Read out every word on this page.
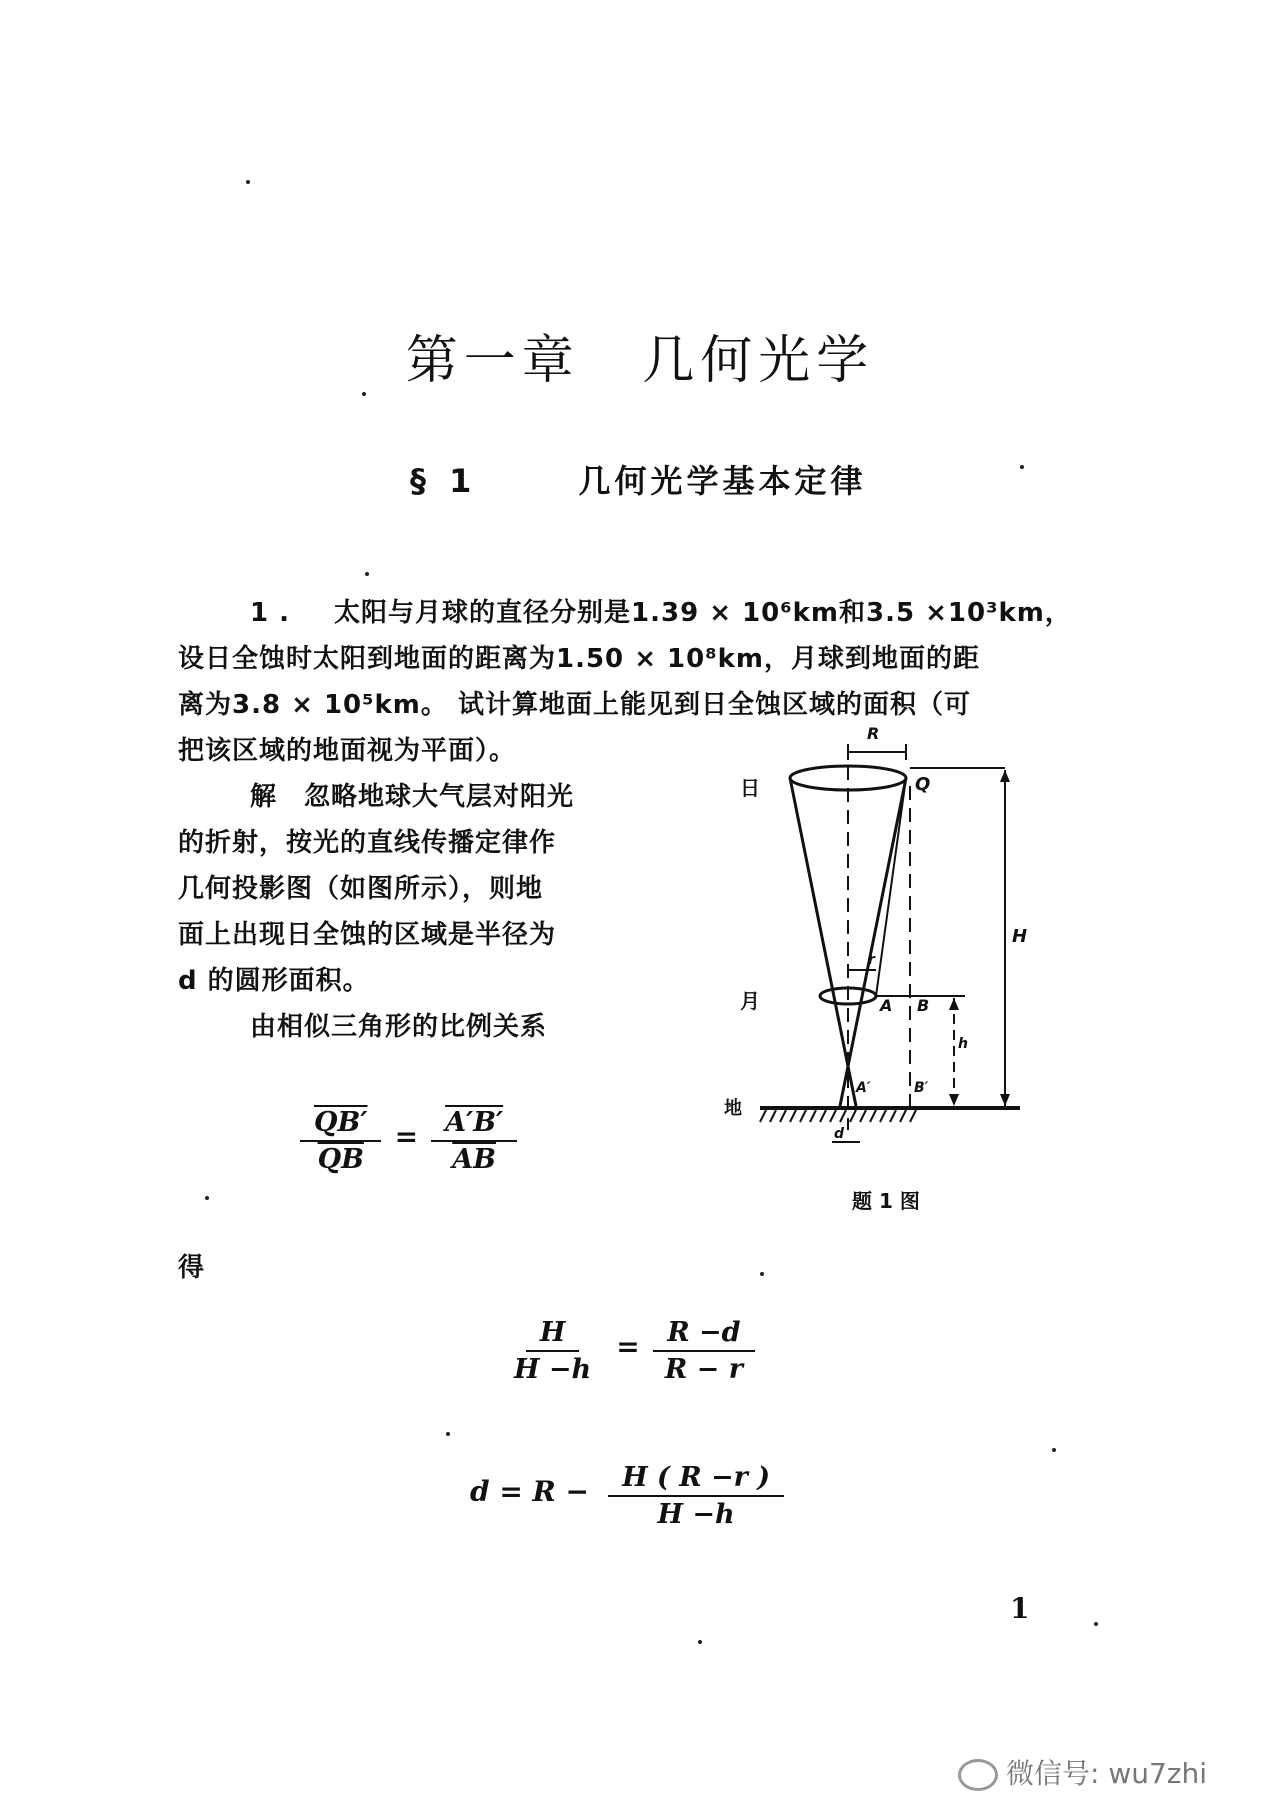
第一章 几何光学
§ 1	几何光学基本定律
1 . 太阳与月球的直径分别是1.39 × 10⁶km和3.5 ×10³km，
设日全蚀时太阳到地面的距离为1.50 × 10⁸km，月球到地面的距
离为3.8 × 10⁵km。 试计算地面上能见到日全蚀区域的面积（可
把该区域的地面视为平面）。
解　忽略地球大气层对阳光
的折射，按光的直线传播定律作
几何投影图（如图所示），则地
面上出现日全蚀的区域是半径为
d 的圆形面积。
由相似三角形的比例关系
$\frac{QB'}{QB} = \frac{A'B'}{AB}$
得
$\frac{H}{H -h} = \frac{R -d}{R - r}$
$d = R - \frac{H ( R -r )}{H -h}$
日
R
Q
H
r
月	A B
h
A′	B′
地
d
题 1 图
1
微信号: wu7zhi
